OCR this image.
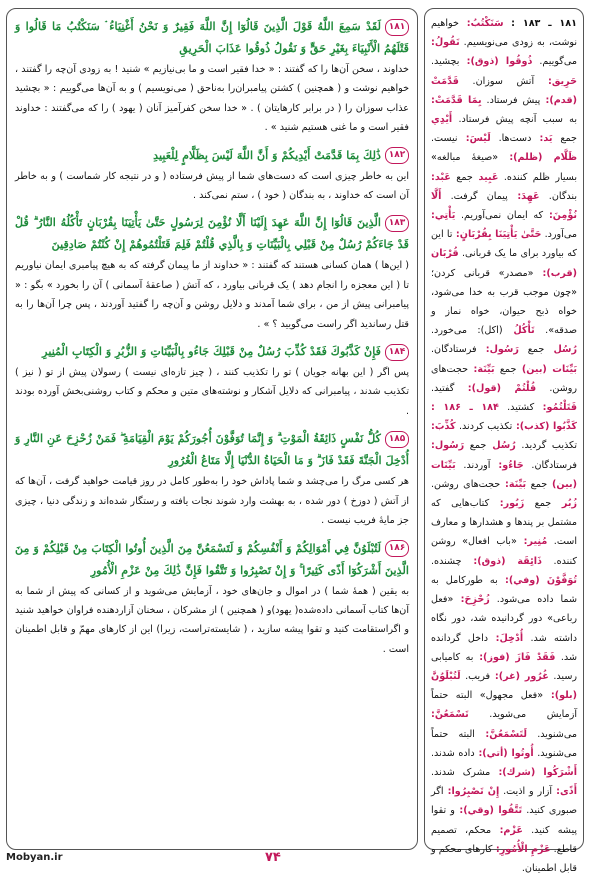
۱۸۱لَقَدْ سَمِعَ اللَّهُ قَوْلَ الَّذِينَ قَالُوٓا إِنَّ اللَّهَ فَقِيرٌ وَ نَحْنُ أَغْنِيَاءُ ۘ سَنَكْتُبُ مَا قَالُوا وَ قَتْلَهُمُ الْأَنْبِيَاءَ بِغَيْرِ حَقٍّ وَ نَقُولُ ذُوقُوا عَذَابَ الْحَرِيقِ

خداوند ، سخن آن‌ها را که گفتند : « خدا فقیر است و ما بی‌نیازیم » شنید ! به زودی آن‌چه را گفتند ، خواهیم نوشت و ( همچنین ) کشتن پیامبران‌را به‌ناحق ( می‌نویسیم ) و به آن‌ها می‌گوییم : « بچشید عذاب سوزان را ( در برابر کارهایتان ) . « خدا سخن کفرآمیز آنان ( یهود ) را که می‌گفتند : خداوند فقیر است و ما غنی هستیم شنید » .

۱۸۲ذَٰلِكَ بِمَا قَدَّمَتْ أَيْدِيكُمْ وَ أَنَّ اللَّهَ لَيْسَ بِظَلَّامٍ لِلْعَبِيدِ

این به خاطر چیزی است که دست‌های شما از پیش فرستاده ( و در نتیجه کار شماست ) و به خاطر آن است که خداوند ، به بندگان ( خود ) ، ستم نمی‌کند .

۱۸۳الَّذِينَ قَالُوٓا إِنَّ اللَّهَ عَهِدَ إِلَيْنَا أَلَّا نُؤْمِنَ لِرَسُولٍ حَتَّىٰ يَأْتِيَنَا بِقُرْبَانٍ تَأْكُلُهُ النَّارُ ۗ قُلْ قَدْ جَاءَكُمْ رُسُلٌ مِنْ قَبْلِي بِالْبَيِّنَاتِ وَ بِالَّذِي قُلْتُمْ فَلِمَ قَتَلْتُمُوهُمْ إِنْ كُنْتُمْ صَادِقِينَ

( این‌ها ) همان کسانی هستند که گفتند : « خداوند از ما پیمان گرفته که به هیچ پیامبری ایمان نیاوریم تا ( این معجزه را انجام دهد ) یک قربانی بیاورد ، که آتش ( صاعقهٔ آسمانی ) آن را بخورد » بگو : « پیامبرانی پیش از من ، برای شما آمدند و دلایل روشن و آن‌چه را گفتید آوردند ، پس چرا آن‌ها را به قتل رساندید اگر راست می‌گویید ؟ » .

۱۸۴فَإِنْ كَذَّبُوكَ فَقَدْ كُذِّبَ رُسُلٌ مِنْ قَبْلِكَ جَاءُو بِالْبَيِّنَاتِ وَ الزُّبُرِ وَ الْكِتَابِ الْمُنِيرِ

پس اگر ( این بهانه جویان ) تو را تکذیب کنند ، ( چیز تازه‌ای نیست ) رسولان پیش از تو ( نیز ) تکذیب شدند ، پیامبرانی که دلایل آشکار و نوشته‌های متین و محکم و کتاب روشنی‌بخش آورده بودند .

۱۸۵كُلُّ نَفْسٍ ذَائِقَةُ الْمَوْتِ ۗ وَ إِنَّمَا تُوَفَّوْنَ أُجُورَكُمْ يَوْمَ الْقِيَامَةِ ۖ فَمَنْ زُحْزِحَ عَنِ النَّارِ وَ أُدْخِلَ الْجَنَّةَ فَقَدْ فَازَ ۗ وَ مَا الْحَيَاةُ الدُّنْيَا إِلَّا مَتَاعُ الْغُرُورِ

هر کسی مرگ را می‌چشد و شما پاداش خود را به‌طور کامل در روز قیامت خواهید گرفت ، آن‌ها که از آتش ( دوزخ ) دور شده ، به بهشت وارد شوند نجات یافته و رستگار شده‌اند و زندگی دنیا ، چیزی جز مایهٔ فریب نیست .

۱۸۶لَتُبْلَوُنَّ فِي أَمْوَالِكُمْ وَ أَنْفُسِكُمْ وَ لَتَسْمَعُنَّ مِنَ الَّذِينَ أُوتُوا الْكِتَابَ مِنْ قَبْلِكُمْ وَ مِنَ الَّذِينَ أَشْرَكُوٓا أَذًى كَثِيرًا ۚ وَ إِنْ تَصْبِرُوا وَ تَتَّقُوا فَإِنَّ ذَٰلِكَ مِنْ عَزْمِ الْأُمُورِ

به یقین ( همهٔ شما ) در اموال و جان‌های خود ، آزمایش می‌شوید و از کسانی که پیش از شما به آن‌ها کتاب آسمانی داده‌شده( یهود)و ( همچنین ) از مشرکان ، سخنان آزاردهنده فراوان خواهید شنید و اگراستقامت کنید و تقوا پیشه سازید ، ( شایسته‌تراست، زیرا) این از کارهای مهمّ و قابل اطمینان است .

۱۸۱ ـ ۱۸۳ : سَنَكْتُبُ: خواهیم نوشت، به زودی می‌نویسیم. نَقُولُ: می‌گوییم. ذُوقُوا (ذوق): بچشید. حَرِيق: آتش سوزان. قَدَّمَتْ (قدم): پیش فرستاد. بِمَا قَدَّمَتْ: به سبب آنچه پیش فرستاد. أَيْدِي جمع يَد: دست‌ها. لَيْسَ: نیست. ظَلَّام (ظلم): «صیغهٔ مبالغه» بسیار ظلم کننده. عَبِيد جمع عَبْد: بندگان. عَهِدَ: پیمان گرفت. أَلَّا نُؤْمِنَ: که ایمان نمی‌آوریم. يَأْتِي: می‌آورد. حَتَّىٰ يَأْتِيَنَا بِقُرْبَانٍ: تا این که بیاورد برای ما یک قربانی. قُرْبَان (قرب): «مصدر» قربانی کردن؛ «چون موجب قرب به خدا می‌شود، خواه ذبح حیوان، خواه نماز و صدقه». تَأْكُلُ (اکل): می‌خورد. رُسُل جمع رَسُول: فرستادگان. بَيِّنَات (بين) جمع بَيِّنَة: حجت‌های روشن. قُلْتُمْ (قول): گفتید. قَتَلْتُمُو: کشتید. ۱۸۴ ـ ۱۸۶ : كَذَّبُوا (كذب): تکذیب کردند. كُذِّبَ: تکذیب گردید. رُسُل جمع رَسُول: فرستادگان. جَاءُو: آوردند. بَيِّنَات (بين) جمع بَيِّنَة: حجت‌های روشن. زُبُر جمع زَبُور: کتاب‌هایی که مشتمل بر پندها و هشدارها و معارف است. مُنِير: «باب افعال» روشن کننده. ذَائِقَة (ذوق): چشنده. تُوَفَّوْنَ (وفي): به طورکامل به شما داده می‌شود. زُحْزِحَ: «فعل رباعی» دور گردانیده شد، دور نگاه داشته شد. أُدْخِلَ: داخل گردانده شد. فَقَدْ فَازَ (فوز): به کامیابی رسید. غُرُور (غر): فریب. لَتُبْلَوُنَّ (بلو): «فعل مجهول» البته حتماً آزمایش می‌شوید. تَسْمَعُنَّ: می‌شنوید. لَتَسْمَعُنَّ: البته حتماً می‌شنوید. أُوتُوا (أتي): داده شدند. أَشْرَكُوا (شرك): مشرک شدند. أَذًى: آزار و اذیت. إِنْ تَصْبِرُوا: اگر صبوری کنید. تَتَّقُوا (وقي): و تقوا پیشه کنید. عَزْم: محکم، تصمیم قاطع. عَزْمِ الْأُمُورِ: کارهای محکم و قابل اطمینان.
Mobyan.ir	۷۴
